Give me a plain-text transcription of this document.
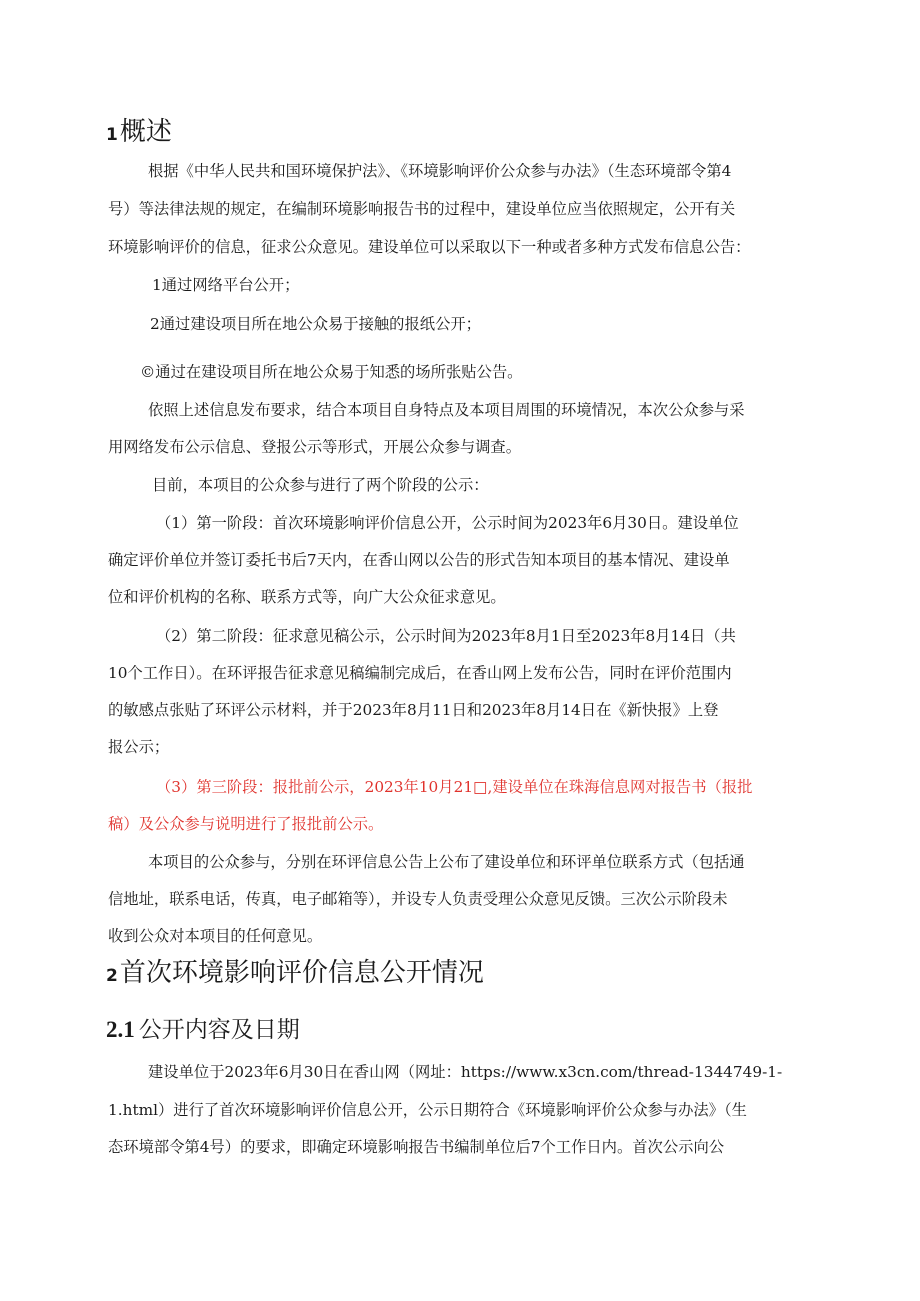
1概述
根据《中华人民共和国环境保护法》、《环境影响评价公众参与办法》（生态环境部令第4
号）等法律法规的规定，在编制环境影响报告书的过程中，建设单位应当依照规定，公开有关
环境影响评价的信息，征求公众意见。建设单位可以采取以下一种或者多种方式发布信息公告：
1通过网络平台公开；
2通过建设项目所在地公众易于接触的报纸公开；
©通过在建设项目所在地公众易于知悉的场所张贴公告。
依照上述信息发布要求，结合本项目自身特点及本项目周围的环境情况，本次公众参与采
用网络发布公示信息、登报公示等形式，开展公众参与调查。
目前，本项目的公众参与进行了两个阶段的公示：
（1）第一阶段：首次环境影响评价信息公开，公示时间为2023年6月30日。建设单位
确定评价单位并签订委托书后7天内，在香山网以公告的形式告知本项目的基本情况、建设单
位和评价机构的名称、联系方式等，向广大公众征求意见。
（2）第二阶段：征求意见稿公示，公示时间为2023年8月1日至2023年8月14日（共
10个工作日）。在环评报告征求意见稿编制完成后，在香山网上发布公告，同时在评价范围内
的敏感点张贴了环评公示材料，并于2023年8月11日和2023年8月14日在《新快报》上登
报公示；
（3）第三阶段：报批前公示，2023年10月21□,建设单位在珠海信息网对报告书（报批
稿）及公众参与说明进行了报批前公示。
本项目的公众参与，分别在环评信息公告上公布了建设单位和环评单位联系方式（包括通
信地址，联系电话，传真，电子邮箱等），并设专人负责受理公众意见反馈。三次公示阶段未
收到公众对本项目的任何意见。
2首次环境影响评价信息公开情况
2.1 公开内容及日期
建设单位于2023年6月30日在香山网（网址：https://www.x3cn.com/thread-1344749-1-
1.html）进行了首次环境影响评价信息公开，公示日期符合《环境影响评价公众参与办法》（生
态环境部令第4号）的要求，即确定环境影响报告书编制单位后7个工作日内。首次公示向公
